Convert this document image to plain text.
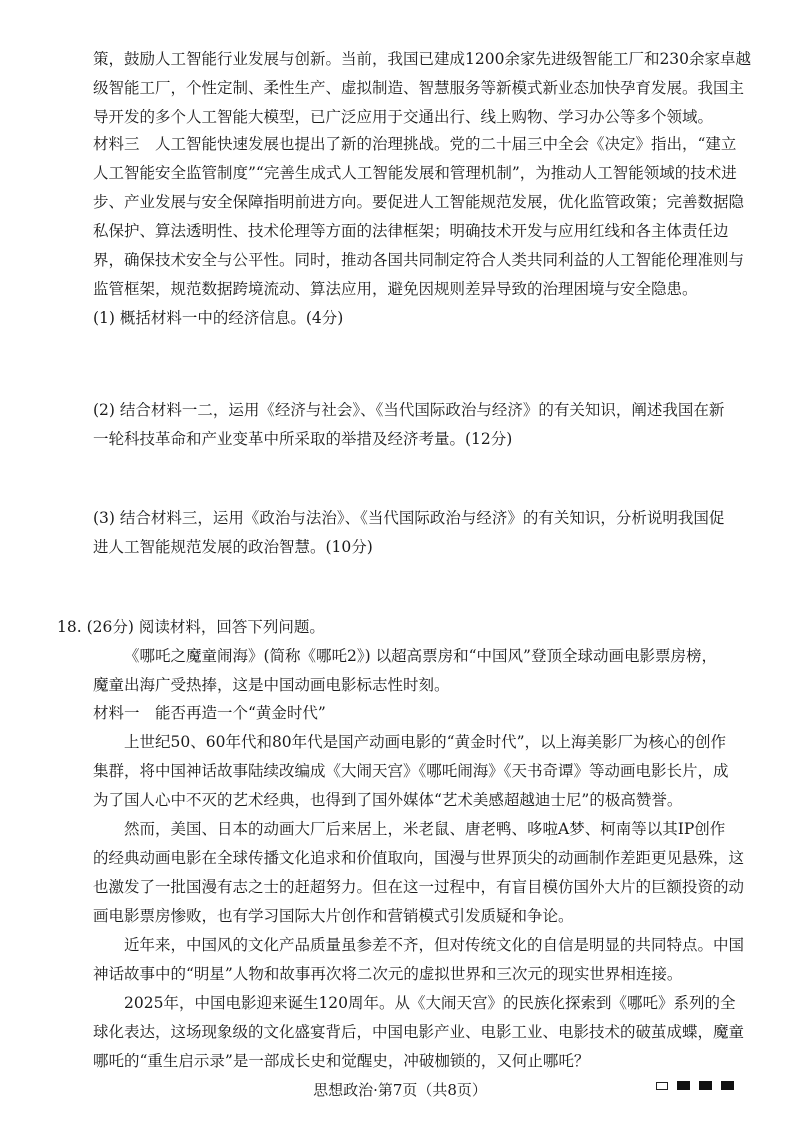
策，鼓励人工智能行业发展与创新。当前，我国已建成1200余家先进级智能工厂和230余家卓越
级智能工厂，个性定制、柔性生产、虚拟制造、智慧服务等新模式新业态加快孕育发展。我国主
导开发的多个人工智能大模型，已广泛应用于交通出行、线上购物、学习办公等多个领域。
材料三　人工智能快速发展也提出了新的治理挑战。党的二十届三中全会《决定》指出，“建立
人工智能安全监管制度”“完善生成式人工智能发展和管理机制”，为推动人工智能领域的技术进
步、产业发展与安全保障指明前进方向。要促进人工智能规范发展，优化监管政策；完善数据隐
私保护、算法透明性、技术伦理等方面的法律框架；明确技术开发与应用红线和各主体责任边
界，确保技术安全与公平性。同时，推动各国共同制定符合人类共同利益的人工智能伦理准则与
监管框架，规范数据跨境流动、算法应用，避免因规则差异导致的治理困境与安全隐患。
(1) 概括材料一中的经济信息。(4分)
(2) 结合材料一二，运用《经济与社会》、《当代国际政治与经济》的有关知识，阐述我国在新
一轮科技革命和产业变革中所采取的举措及经济考量。(12分)
(3) 结合材料三，运用《政治与法治》、《当代国际政治与经济》的有关知识，分析说明我国促
进人工智能规范发展的政治智慧。(10分)
18. (26分) 阅读材料，回答下列问题。
《哪吒之魔童闹海》(简称《哪吒2》) 以超高票房和“中国风”登顶全球动画电影票房榜，
魔童出海广受热捧，这是中国动画电影标志性时刻。
材料一　能否再造一个“黄金时代”
上世纪50、60年代和80年代是国产动画电影的“黄金时代”，以上海美影厂为核心的创作
集群，将中国神话故事陆续改编成《大闹天宫》《哪吒闹海》《天书奇谭》等动画电影长片，成
为了国人心中不灭的艺术经典，也得到了国外媒体“艺术美感超越迪士尼”的极高赞誉。
然而，美国、日本的动画大厂后来居上，米老鼠、唐老鸭、哆啦A梦、柯南等以其IP创作
的经典动画电影在全球传播文化追求和价值取向，国漫与世界顶尖的动画制作差距更见悬殊，这
也激发了一批国漫有志之士的赶超努力。但在这一过程中，有盲目模仿国外大片的巨额投资的动
画电影票房惨败，也有学习国际大片创作和营销模式引发质疑和争论。
近年来，中国风的文化产品质量虽参差不齐，但对传统文化的自信是明显的共同特点。中国
神话故事中的“明星”人物和故事再次将二次元的虚拟世界和三次元的现实世界相连接。
2025年，中国电影迎来诞生120周年。从《大闹天宫》的民族化探索到《哪吒》系列的全
球化表达，这场现象级的文化盛宴背后，中国电影产业、电影工业、电影技术的破茧成蝶，魔童
哪吒的“重生启示录”是一部成长史和觉醒史，冲破枷锁的，又何止哪吒？
思想政治·第7页（共8页）
